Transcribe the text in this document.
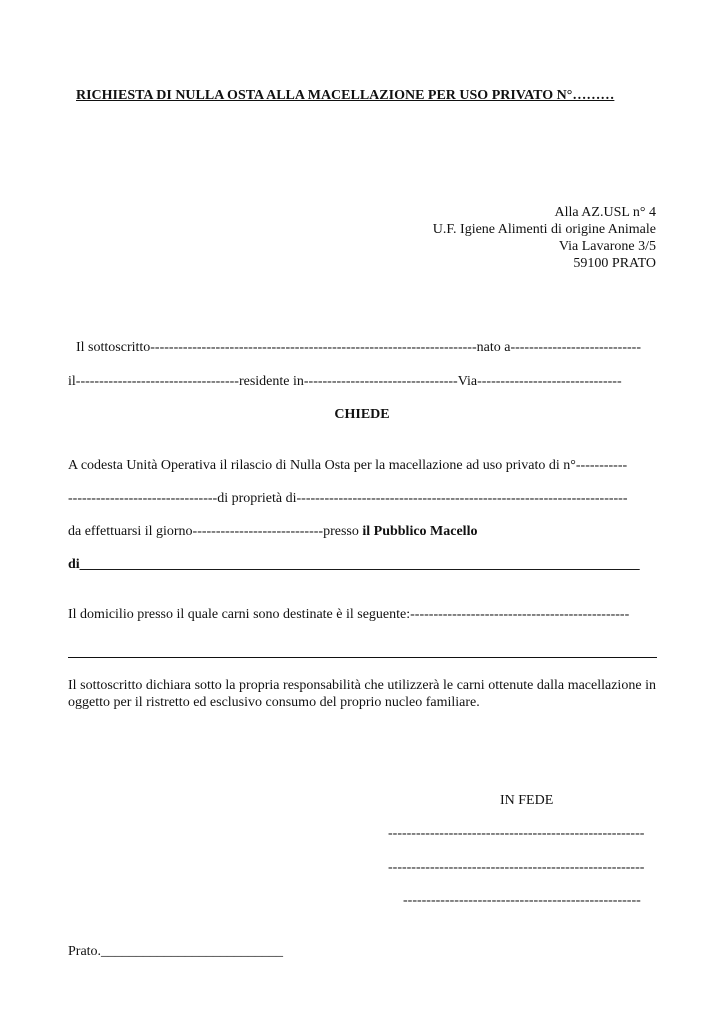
RICHIESTA DI NULLA OSTA ALLA MACELLAZIONE PER USO PRIVATO N°………
Alla AZ.USL n° 4
U.F. Igiene Alimenti di origine Animale
Via Lavarone 3/5
59100 PRATO
Il sottoscritto----------------------------------------------------------------------nato a----------------------------
il-----------------------------------residente in---------------------------------Via-------------------------------
CHIEDE
A codesta Unità Operativa il rilascio di Nulla Osta per la macellazione ad uso privato di n°-----------
--------------------------------di proprietà di-----------------------------------------------------------------------
da effettuarsi il giorno----------------------------presso il Pubblico Macello
di________________________________________________________________________________
Il domicilio presso il quale carni sono destinate è il seguente:-----------------------------------------------
Il sottoscritto dichiara sotto la propria responsabilità che utilizzerà le carni ottenute dalla macellazione in oggetto per il ristretto ed esclusivo consumo del proprio nucleo familiare.
IN FEDE
-------------------------------------------------------
-------------------------------------------------------
---------------------------------------------------
Prato.__________________________
